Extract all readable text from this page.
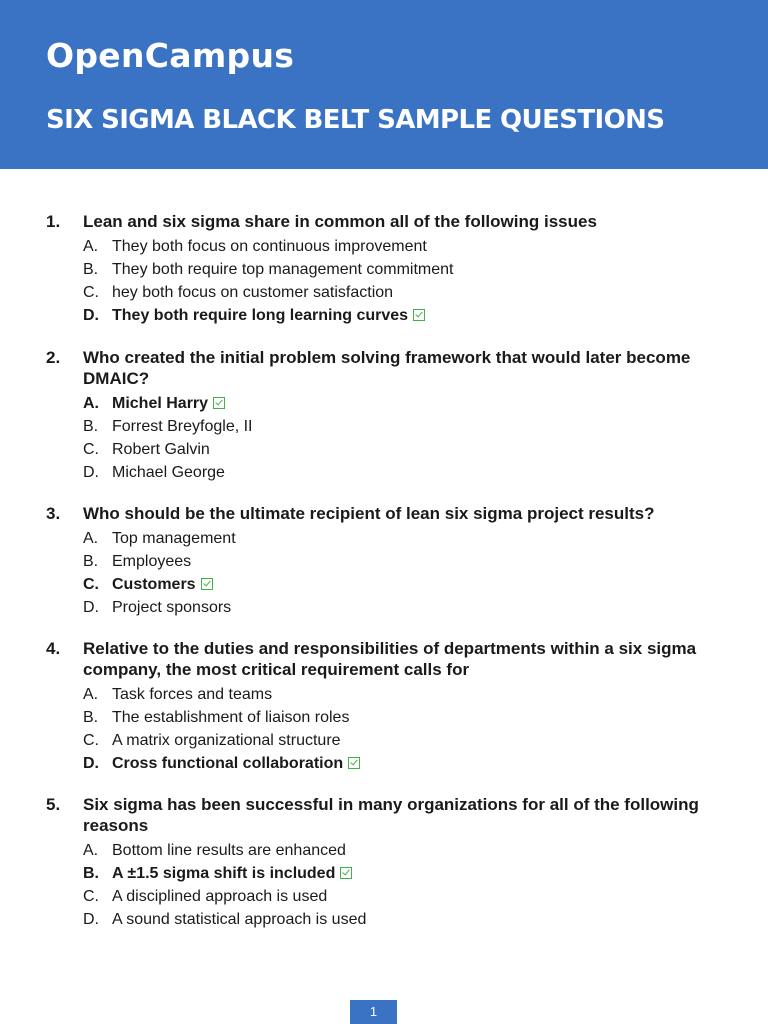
OpenCampus
SIX SIGMA BLACK BELT SAMPLE QUESTIONS
1. Lean and six sigma share in common all of the following issues
A. They both focus on continuous improvement
B. They both require top management commitment
C. hey both focus on customer satisfaction
D. They both require long learning curves
2. Who created the initial problem solving framework that would later become DMAIC?
A. Michel Harry
B. Forrest Breyfogle, II
C. Robert Galvin
D. Michael George
3. Who should be the ultimate recipient of lean six sigma project results?
A. Top management
B. Employees
C. Customers
D. Project sponsors
4. Relative to the duties and responsibilities of departments within a six sigma company, the most critical requirement calls for
A. Task forces and teams
B. The establishment of liaison roles
C. A matrix organizational structure
D. Cross functional collaboration
5. Six sigma has been successful in many organizations for all of the following reasons
A. Bottom line results are enhanced
B. A ±1.5 sigma shift is included
C. A disciplined approach is used
D. A sound statistical approach is used
1
